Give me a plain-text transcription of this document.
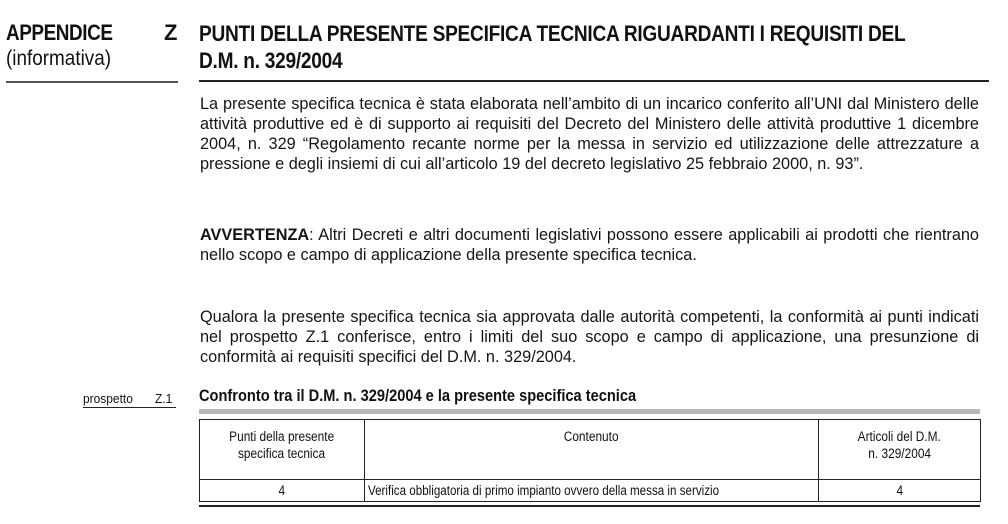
APPENDICE Z
(informativa)
PUNTI DELLA PRESENTE SPECIFICA TECNICA RIGUARDANTI I REQUISITI DEL
D.M. n. 329/2004
La presente specifica tecnica è stata elaborata nell’ambito di un incarico conferito all’UNI dal Ministero delle attività produttive ed è di supporto ai requisiti del Decreto del Ministero delle attività produttive 1 dicembre 2004, n. 329 “Regolamento recante norme per la messa in servizio ed utilizzazione delle attrezzature a pressione e degli insiemi di cui all’articolo 19 del decreto legislativo 25 febbraio 2000, n. 93”.
AVVERTENZA: Altri Decreti e altri documenti legislativi possono essere applicabili ai prodotti che rientrano nello scopo e campo di applicazione della presente specifica tecnica.
Qualora la presente specifica tecnica sia approvata dalle autorità competenti, la conformità ai punti indicati nel prospetto Z.1 conferisce, entro i limiti del suo scopo e campo di applicazione, una presunzione di conformità ai requisiti specifici del D.M. n. 329/2004.
prospetto Z.1 Confronto tra il D.M. n. 329/2004 e la presente specifica tecnica
Punti della presente
specifica tecnica	Contenuto	Articoli del D.M.
n. 329/2004
4	Verifica obbligatoria di primo impianto ovvero della messa in servizio	4
